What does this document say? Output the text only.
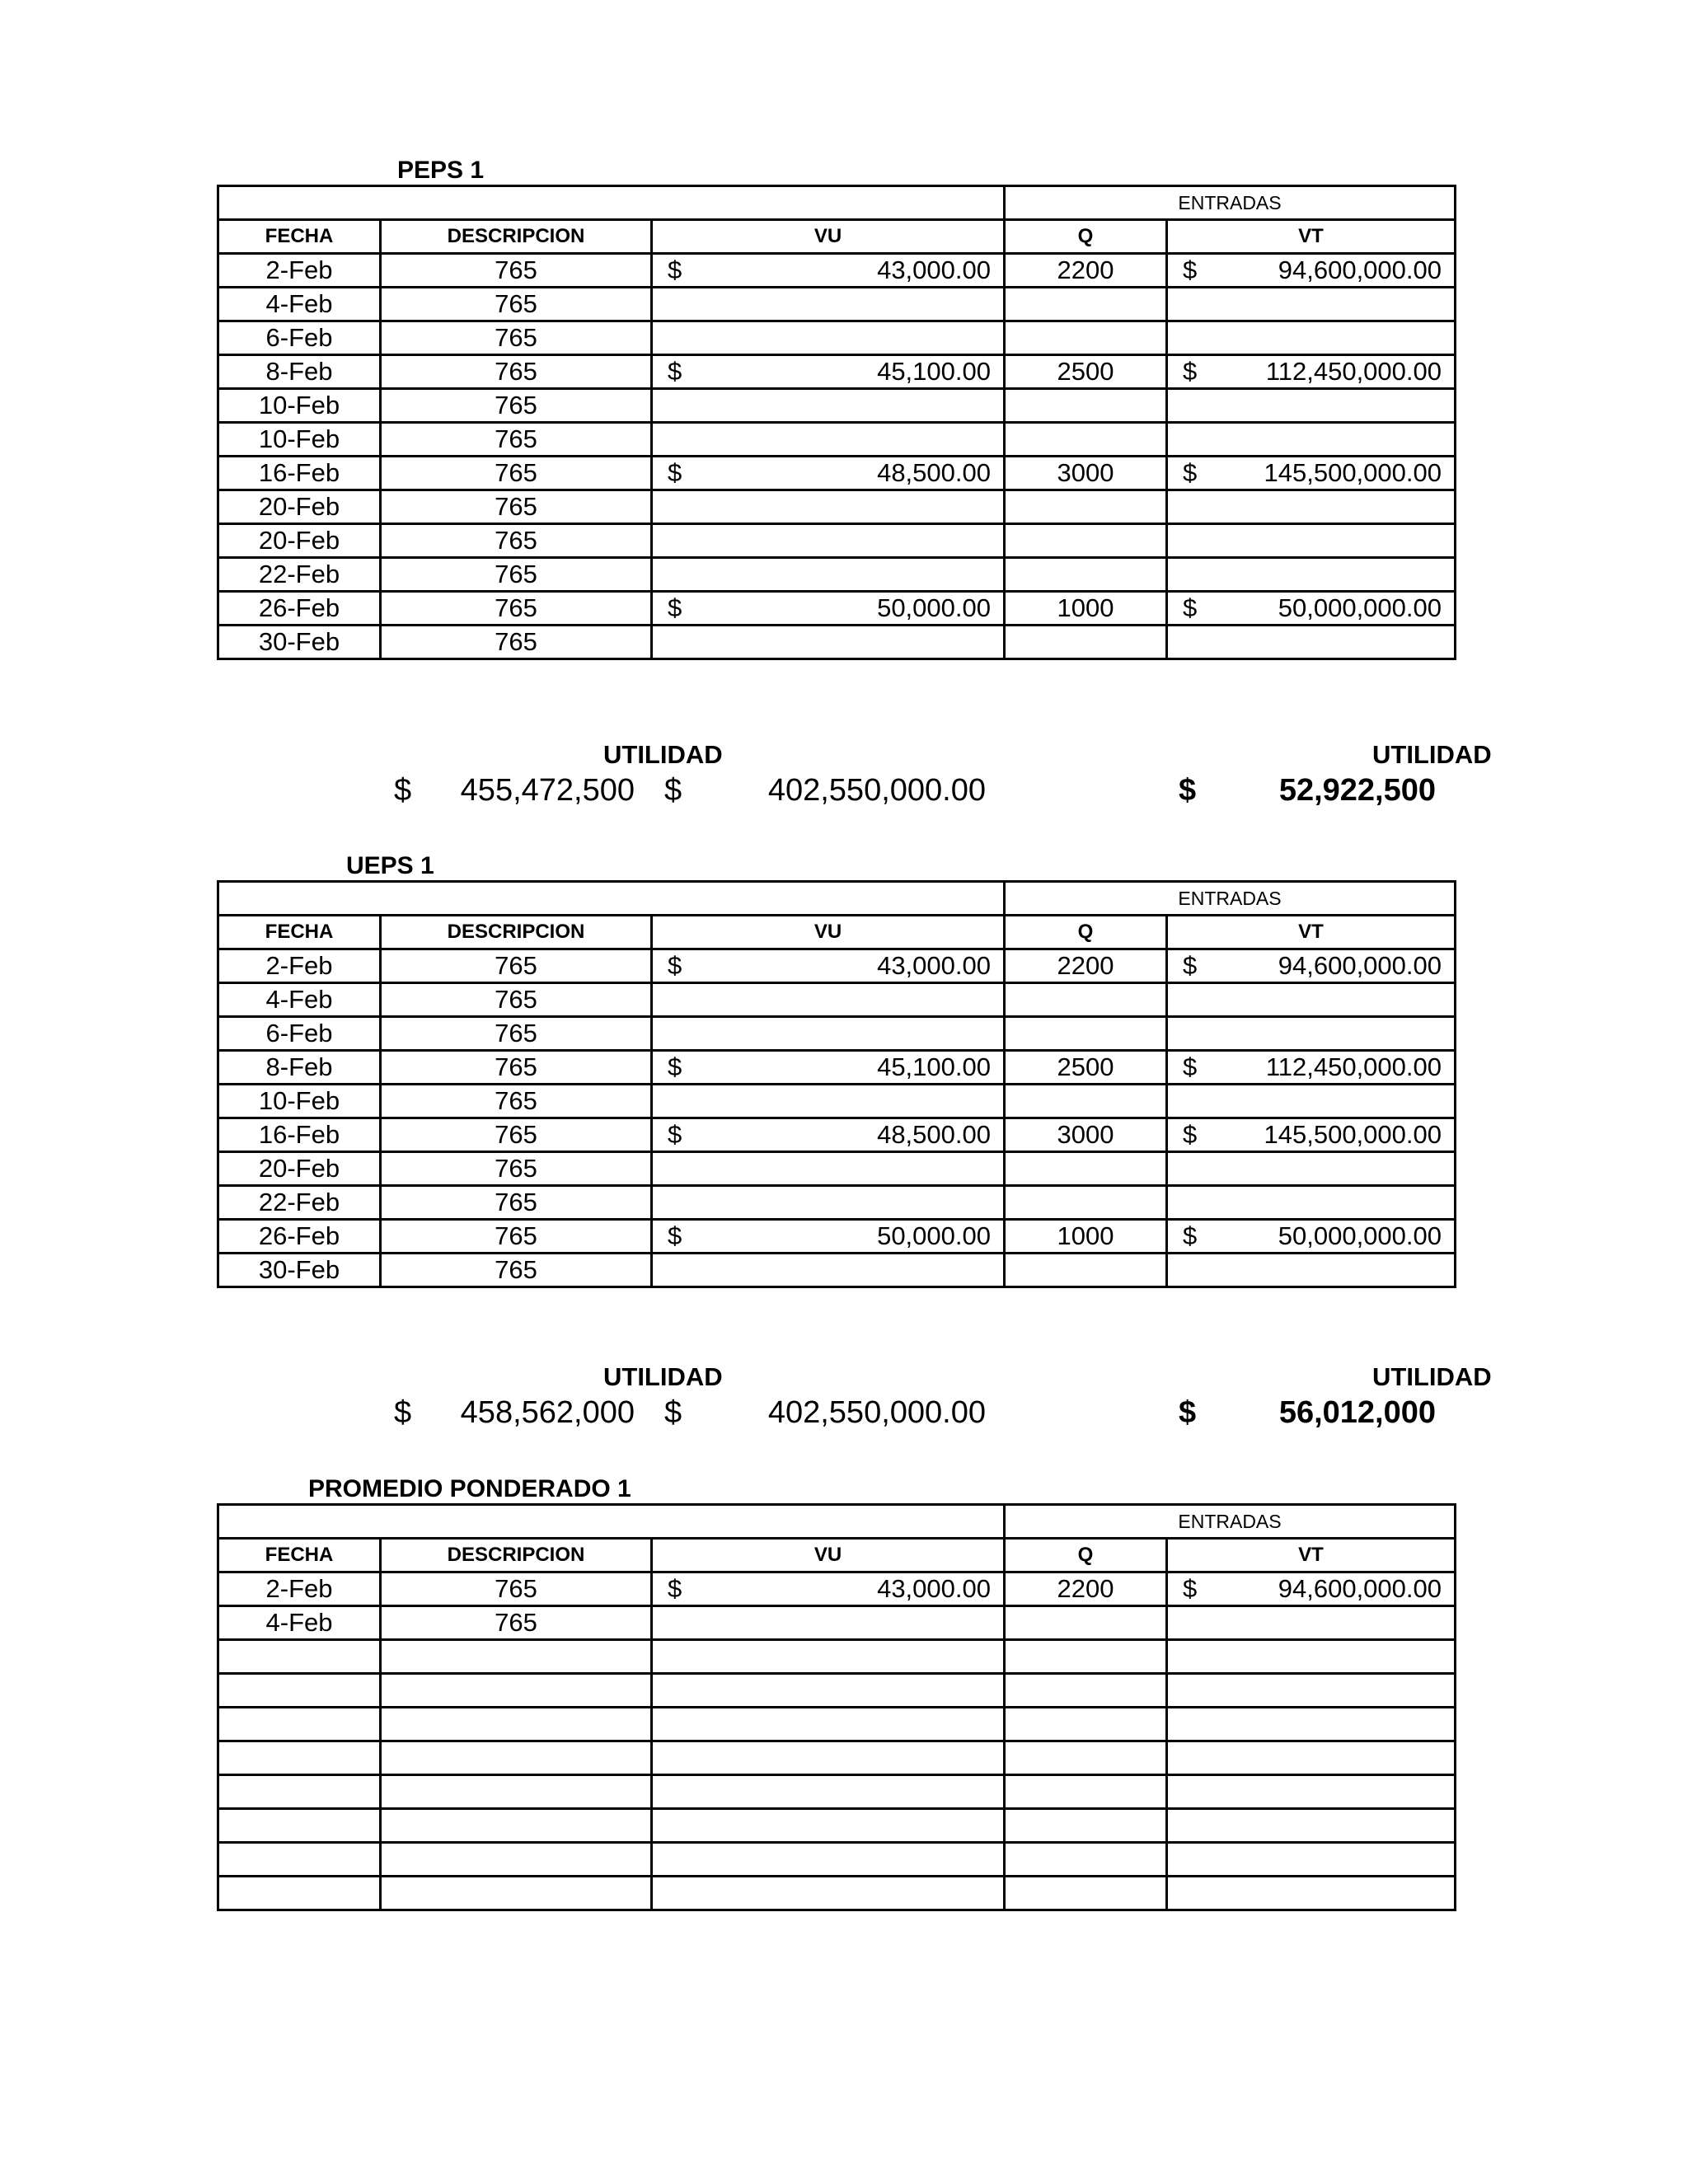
PEPS 1
			ENTRADAS	
FECHA	DESCRIPCION	VU	Q	VT
2-Feb	765	$ 43,000.00	2200	$ 94,600,000.00

4-Feb	765	

6-Feb	765	

8-Feb	765	$ 45,100.00	2500	$ 112,450,000.00

10-Feb	765	

10-Feb	765	

16-Feb	765	$ 48,500.00	3000	$ 145,500,000.00

20-Feb	765	

20-Feb	765	

22-Feb	765	

26-Feb	765	$ 50,000.00	1000	$ 50,000,000.00

30-Feb	765	

UTILIDAD	UTILIDAD
$	455,472,500 $	402,550,000.00	$	52,922,500
UEPS 1
			ENTRADAS	
FECHA	DESCRIPCION	VU	Q	VT
2-Feb	765	$ 43,000.00	2200	$ 94,600,000.00

4-Feb	765	

6-Feb	765	

8-Feb	765	$ 45,100.00	2500	$ 112,450,000.00

10-Feb	765	

16-Feb	765	$ 48,500.00	3000	$ 145,500,000.00

20-Feb	765	

22-Feb	765	

26-Feb	765	$ 50,000.00	1000	$ 50,000,000.00

30-Feb	765	

UTILIDAD	UTILIDAD
$	458,562,000 $	402,550,000.00	$	56,012,000
PROMEDIO PONDERADO 1
			ENTRADAS	
FECHA	DESCRIPCION	VU	Q	VT
2-Feb	765	$ 43,000.00	2200	$ 94,600,000.00

4-Feb	765	
